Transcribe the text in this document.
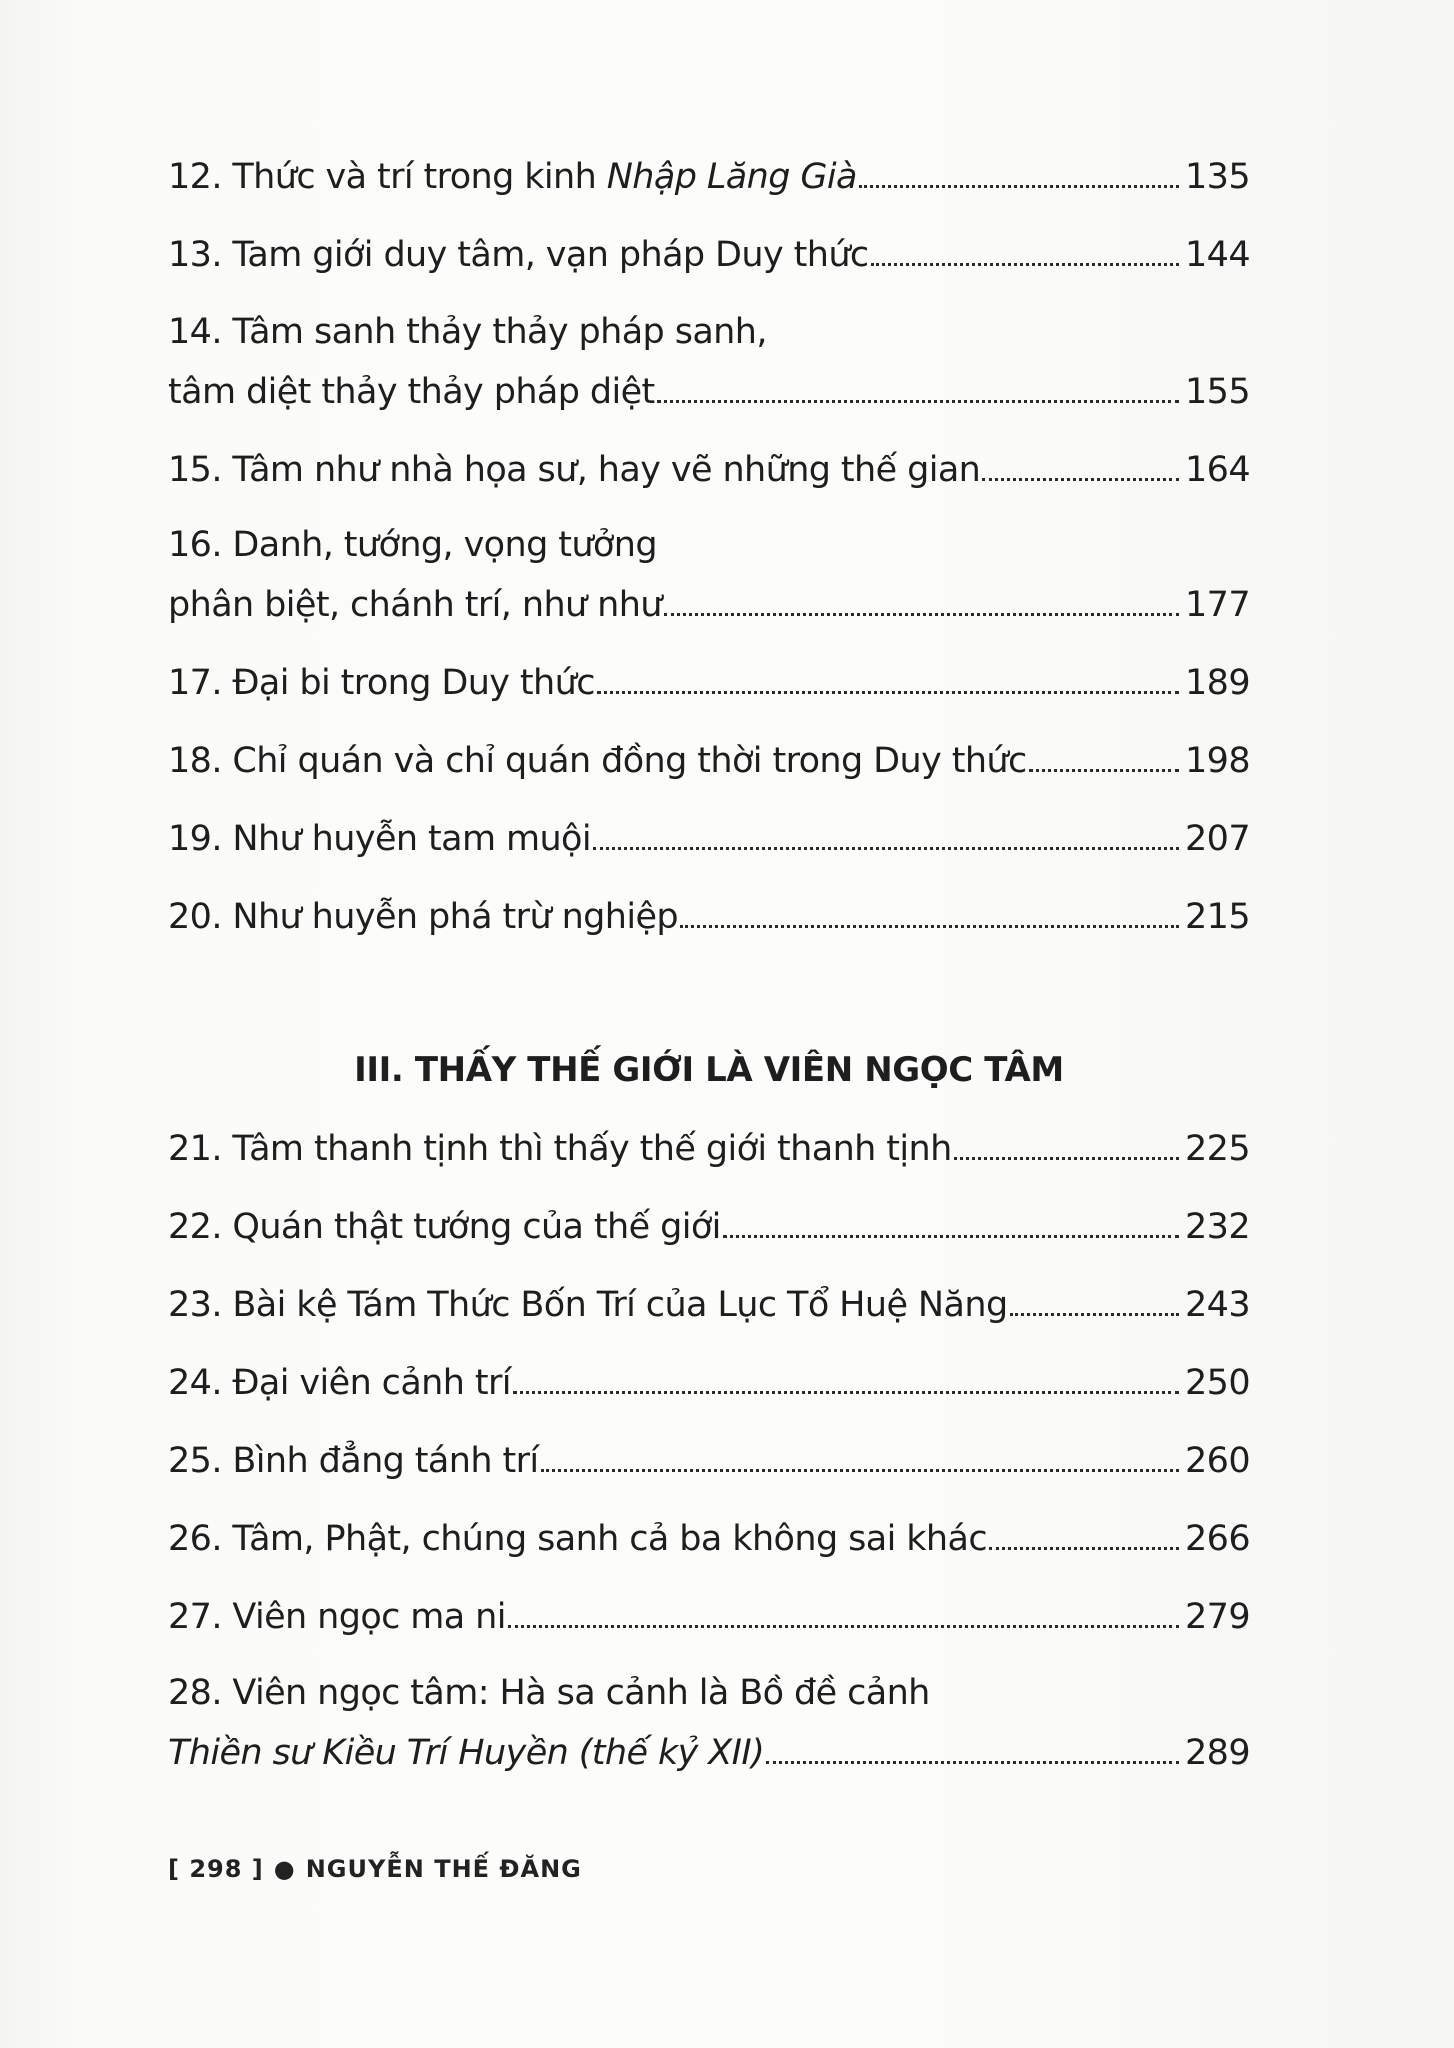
12. Thức và trí trong kinh Nhập Lăng Già	135
13. Tam giới duy tâm, vạn pháp Duy thức	144
14. Tâm sanh thảy thảy pháp sanh,
tâm diệt thảy thảy pháp diệt	155
15. Tâm như nhà họa sư, hay vẽ những thế gian	164
16. Danh, tướng, vọng tưởng
phân biệt, chánh trí, như như	177
17. Đại bi trong Duy thức	189
18. Chỉ quán và chỉ quán đồng thời trong Duy thức	198
19. Như huyễn tam muội	207
20. Như huyễn phá trừ nghiệp	215
III. THẤY THẾ GIỚI LÀ VIÊN NGỌC TÂM
21. Tâm thanh tịnh thì thấy thế giới thanh tịnh	225
22. Quán thật tướng của thế giới	232
23. Bài kệ Tám Thức Bốn Trí của Lục Tổ Huệ Năng	243
24. Đại viên cảnh trí	250
25. Bình đẳng tánh trí	260
26. Tâm, Phật, chúng sanh cả ba không sai khác	266
27. Viên ngọc ma ni	279
28. Viên ngọc tâm: Hà sa cảnh là Bồ đề cảnh
Thiền sư Kiều Trí Huyền (thế kỷ XII)	289
[ 298 ] ● NGUYỄN THẾ ĐĂNG
